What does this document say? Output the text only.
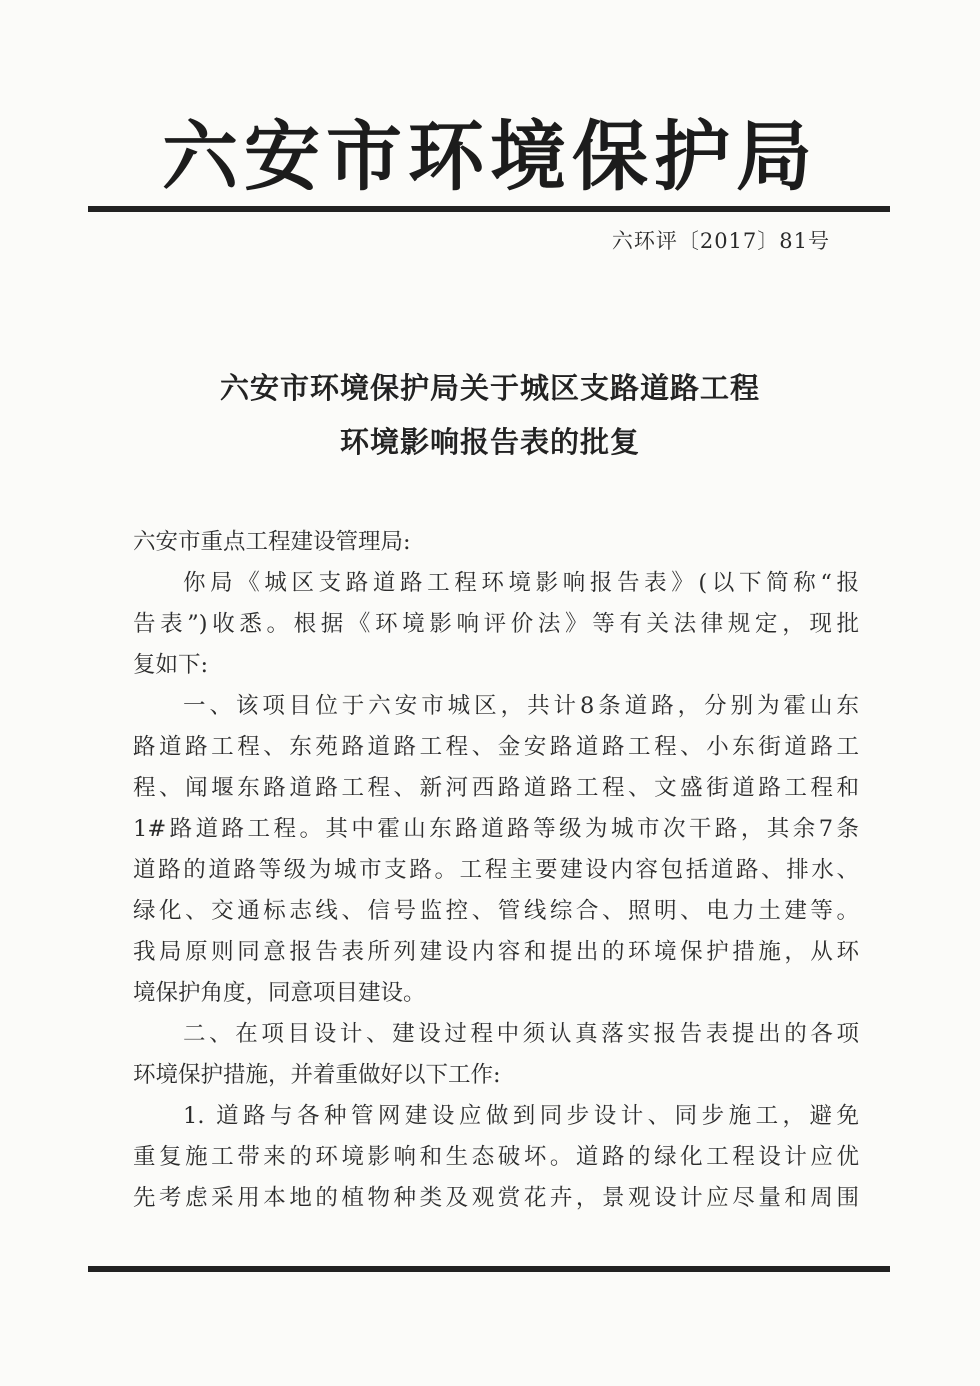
六安市环境保护局
六环评〔2017〕81号
六安市环境保护局关于城区支路道路工程
环境影响报告表的批复
六安市重点工程建设管理局:
你局《城区支路道路工程环境影响报告表》(以下简称“报
告表”)收悉。根据《环境影响评价法》等有关法律规定，现批
复如下:
一、该项目位于六安市城区，共计8条道路，分别为霍山东
路道路工程、东苑路道路工程、金安路道路工程、小东街道路工
程、闻堰东路道路工程、新河西路道路工程、文盛街道路工程和
1#路道路工程。其中霍山东路道路等级为城市次干路，其余7条
道路的道路等级为城市支路。工程主要建设内容包括道路、排水、
绿化、交通标志线、信号监控、管线综合、照明、电力土建等。
我局原则同意报告表所列建设内容和提出的环境保护措施，从环
境保护角度，同意项目建设。
二、在项目设计、建设过程中须认真落实报告表提出的各项
环境保护措施，并着重做好以下工作:
1. 道路与各种管网建设应做到同步设计、同步施工，避免
重复施工带来的环境影响和生态破坏。道路的绿化工程设计应优
先考虑采用本地的植物种类及观赏花卉，景观设计应尽量和周围
